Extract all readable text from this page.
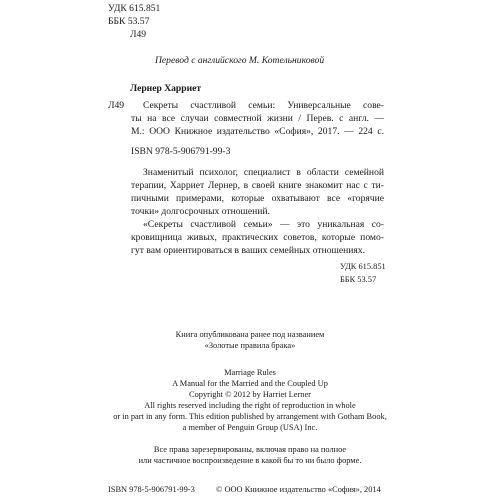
УДК 615.851
ББК 53.57
Л49
Перевод с английского М. Котельниковой
Лернер Харриет
Л49 Секреты счастливой семьи: Универсальные сове-
ты на все случаи совместной жизни / Перев. с англ. —
М.: ООО Книжное издательство «София», 2017. — 224 с.
ISBN 978-5-906791-99-3
Знаменитый психолог, специалист в области семейной
терапии, Харриет Лернер, в своей книге знакомит нас с ти-
пичными примерами, которые охватывают все «горячие
точки» долгосрочных отношений.
«Секреты счастливой семьи» — это уникальная со-
кровищница живых, практических советов, которые помо-
гут вам ориентироваться в ваших семейных отношениях.
УДК 615.851
ББК 53.57
Книга опубликована ранее под названием
«Золотые правила брака»
Marriage Rules
A Manual for the Married and the Coupled Up
Copyright © 2012 by Harriet Lerner
All rights reserved including the right of reproduction in whole
or in part in any form. This edition published by arrangement with Gotham Book,
a member of Penguin Group (USA) Inc.
Все права зарезервированы, включая право на полное
или частичное воспроизведение в какой бы то ни было форме.
ISBN 978-5-906791-99-3	© ООО Книжное издательство «София», 2014
